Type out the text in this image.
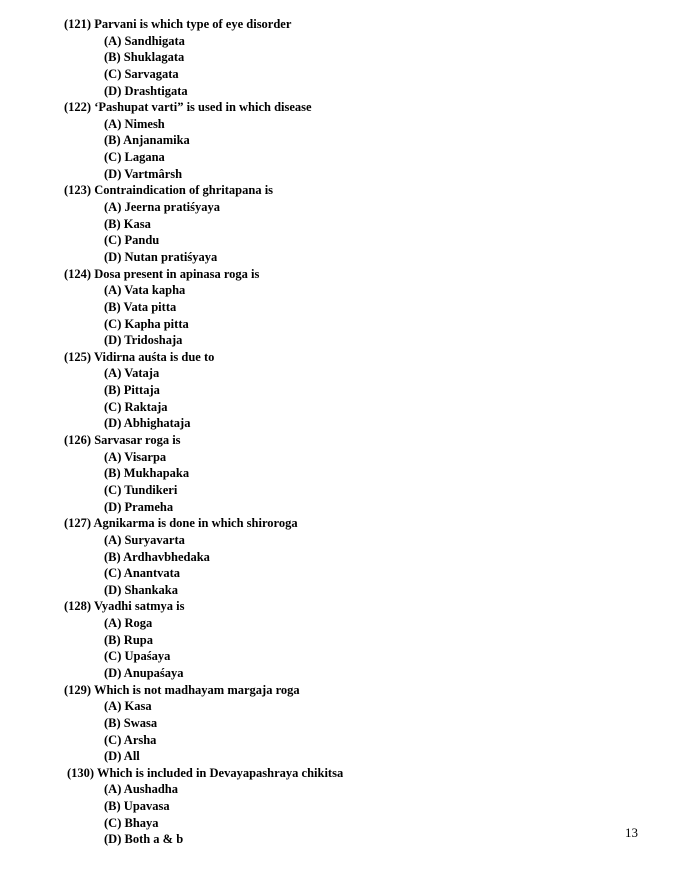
(121) Parvani is which type of eye disorder
(A) Sandhigata
(B) Shuklagata
(C) Sarvagata
(D) Drashtigata
(122) ‘Pashupat varti” is used in which disease
(A) Nimesh
(B) Anjanamika
(C) Lagana
(D) Vartmârsh
(123) Contraindication of ghritapana is
(A) Jeerna pratiśyaya
(B) Kasa
(C) Pandu
(D) Nutan pratiśyaya
(124) Dosa present in apinasa roga is
(A) Vata kapha
(B) Vata pitta
(C) Kapha pitta
(D) Tridoshaja
(125) Vidirna auśta is due to
(A) Vataja
(B) Pittaja
(C) Raktaja
(D) Abhighataja
(126) Sarvasar roga is
(A) Visarpa
(B) Mukhapaka
(C) Tundikeri
(D) Prameha
(127) Agnikarma is done in which shiroroga
(A) Suryavarta
(B) Ardhavbhedaka
(C) Anantvata
(D) Shankaka
(128) Vyadhi satmya is
(A) Roga
(B) Rupa
(C) Upaśaya
(D) Anupaśaya
(129) Which is not madhayam margaja roga
(A) Kasa
(B) Swasa
(C) Arsha
(D) All
(130) Which is included in Devayapashraya chikitsa
(A) Aushadha
(B) Upavasa
(C) Bhaya
(D) Both a & b	13
